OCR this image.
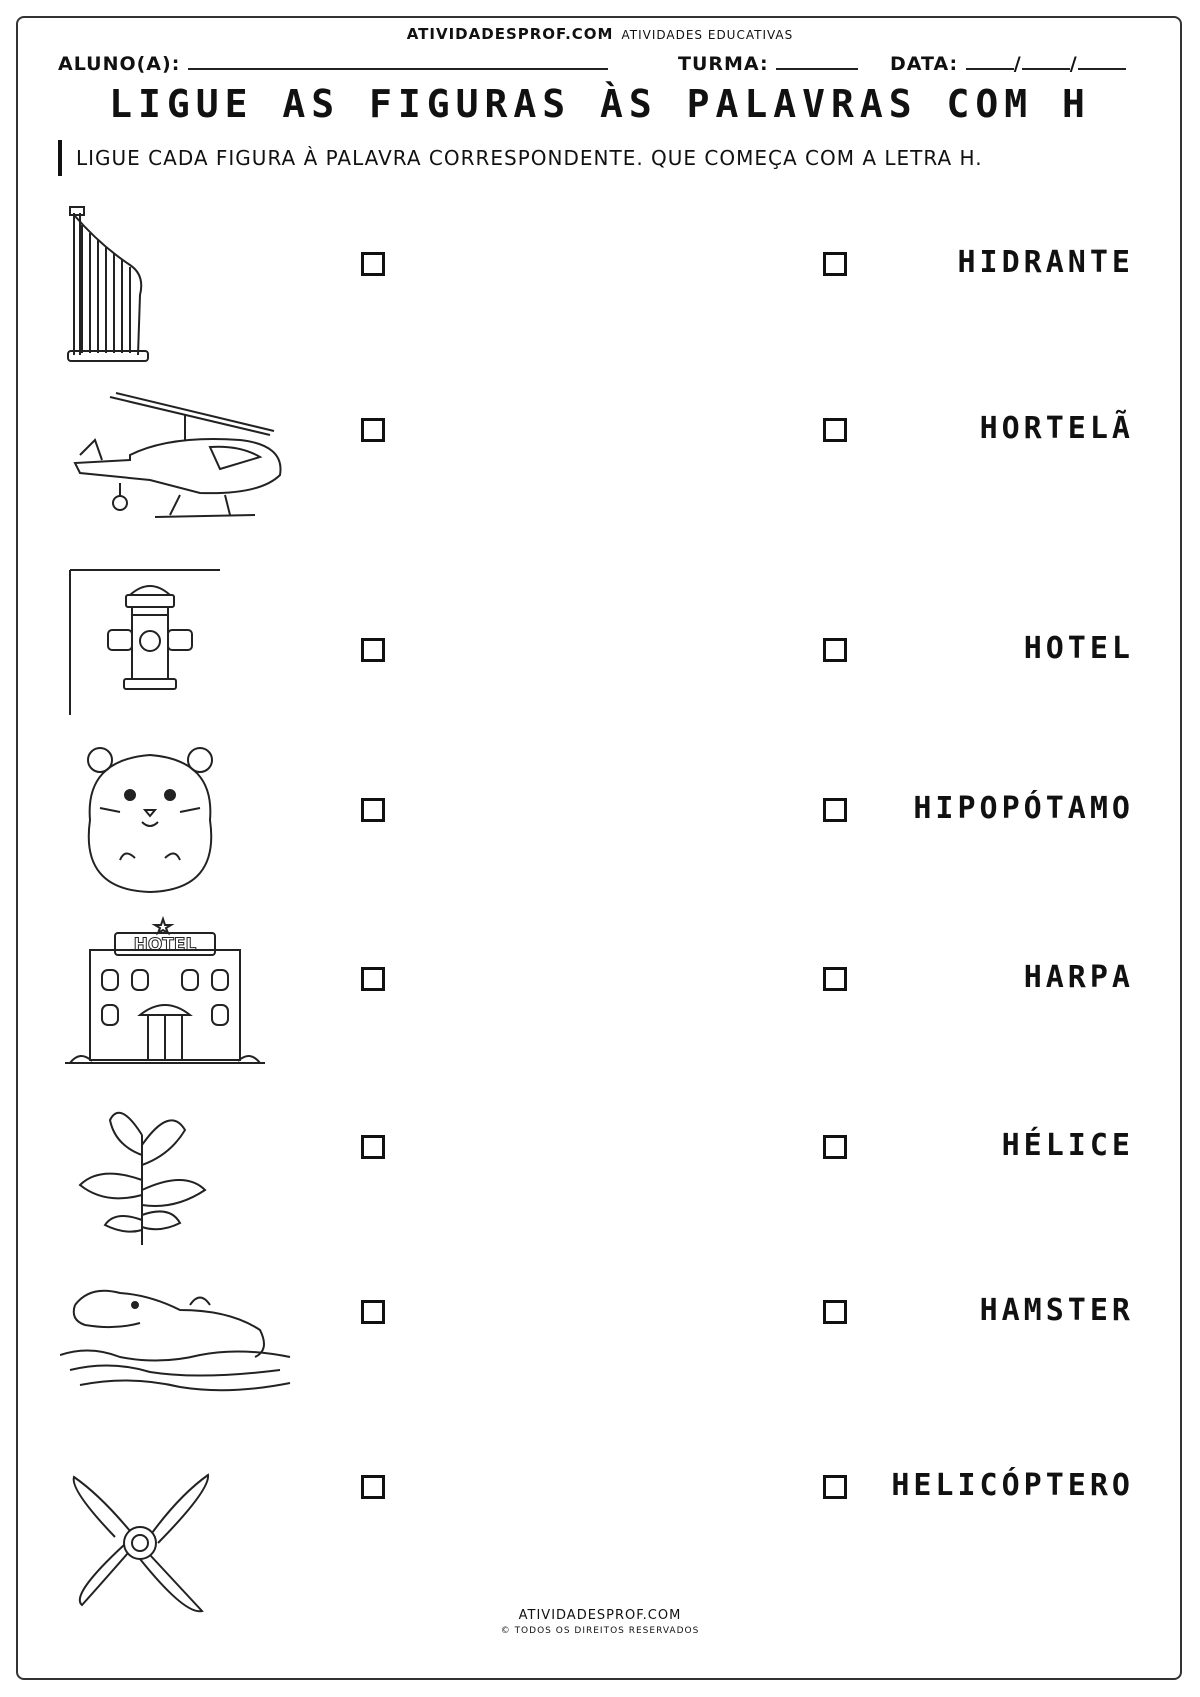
ATIVIDADESPROF.COM ATIVIDADES EDUCATIVAS
ALUNO(A):	TURMA:	DATA:	/	/
LIGUE AS FIGURAS ÀS PALAVRAS COM H
LIGUE CADA FIGURA À PALAVRA CORRESPONDENTE. QUE COMEÇA COM A LETRA H.
HIDRANTE
HORTELÃ
HOTEL
HIPOPÓTAMO
HOTEL
HARPA
HÉLICE
HAMSTER
HELICÓPTERO
ATIVIDADESPROF.COM
© TODOS OS DIREITOS RESERVADOS
